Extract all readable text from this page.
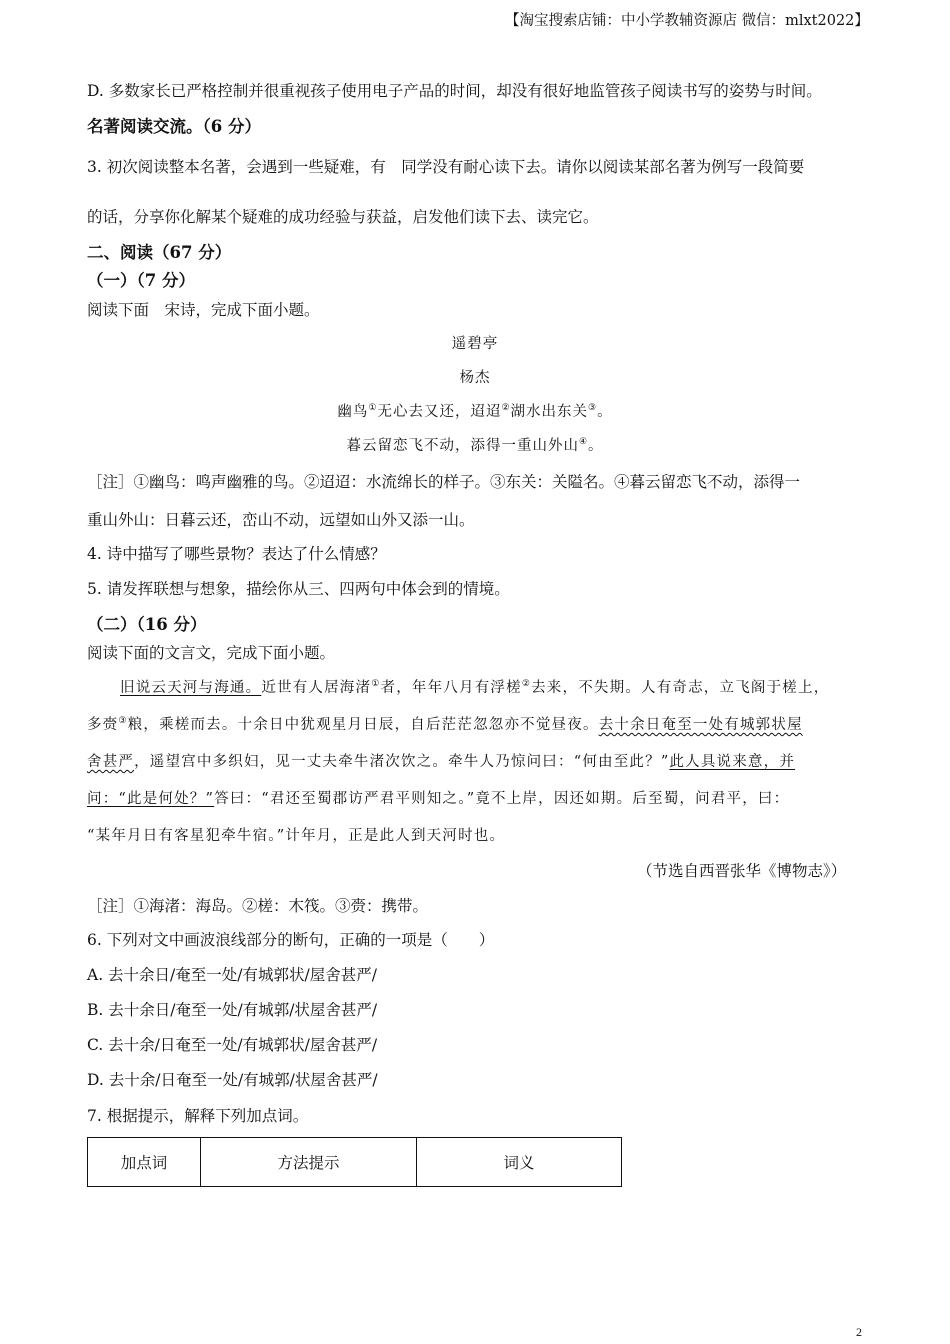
【淘宝搜索店铺：中小学教辅资源店 微信：mlxt2022】
D. 多数家长已严格控制并很重视孩子使用电子产品的时间，却没有很好地监管孩子阅读书写的姿势与时间。
名著阅读交流。（6 分）
3. 初次阅读整本名著，会遇到一些疑难，有　同学没有耐心读下去。请你以阅读某部名著为例写一段简要
的话，分享你化解某个疑难的成功经验与获益，启发他们读下去、读完它。
二、阅读（67 分）
（一）（7 分）
阅读下面　宋诗，完成下面小题。
遥碧亭
杨杰
幽鸟①无心去又还，迢迢②湖水出东关③。
暮云留恋飞不动，添得一重山外山④。
［注］①幽鸟：鸣声幽雅的鸟。②迢迢：水流绵长的样子。③东关：关隘名。④暮云留恋飞不动，添得一
重山外山：日暮云还，峦山不动，远望如山外又添一山。
4. 诗中描写了哪些景物？表达了什么情感？
5. 请发挥联想与想象，描绘你从三、四两句中体会到的情境。
（二）（16 分）
阅读下面的文言文，完成下面小题。
旧说云天河与海通。近世有人居海渚①者，年年八月有浮槎②去来，不失期。人有奇志，立飞阁于槎上，
多赍③粮，乘槎而去。十余日中犹观星月日辰，自后茫茫忽忽亦不觉昼夜。去十余日奄至一处有城郭状屋
舍甚严，遥望宫中多织妇，见一丈夫牵牛渚次饮之。牵牛人乃惊问曰：“何由至此？”此人具说来意，并
问：“此是何处？”答曰：“君还至蜀郡访严君平则知之。”竟不上岸，因还如期。后至蜀，问君平，曰：
“某年月日有客星犯牵牛宿。”计年月，正是此人到天河时也。
（节选自西晋张华《博物志》）
［注］①海渚：海岛。②槎：木筏。③赍：携带。
6. 下列对文中画波浪线部分的断句，正确的一项是（　　）
A. 去十余日/奄至一处/有城郭状/屋舍甚严/
B. 去十余日/奄至一处/有城郭/状屋舍甚严/
C. 去十余/日奄至一处/有城郭状/屋舍甚严/
D. 去十余/日奄至一处/有城郭/状屋舍甚严/
7. 根据提示，解释下列加点词。
加点词	方法提示	词义
2
